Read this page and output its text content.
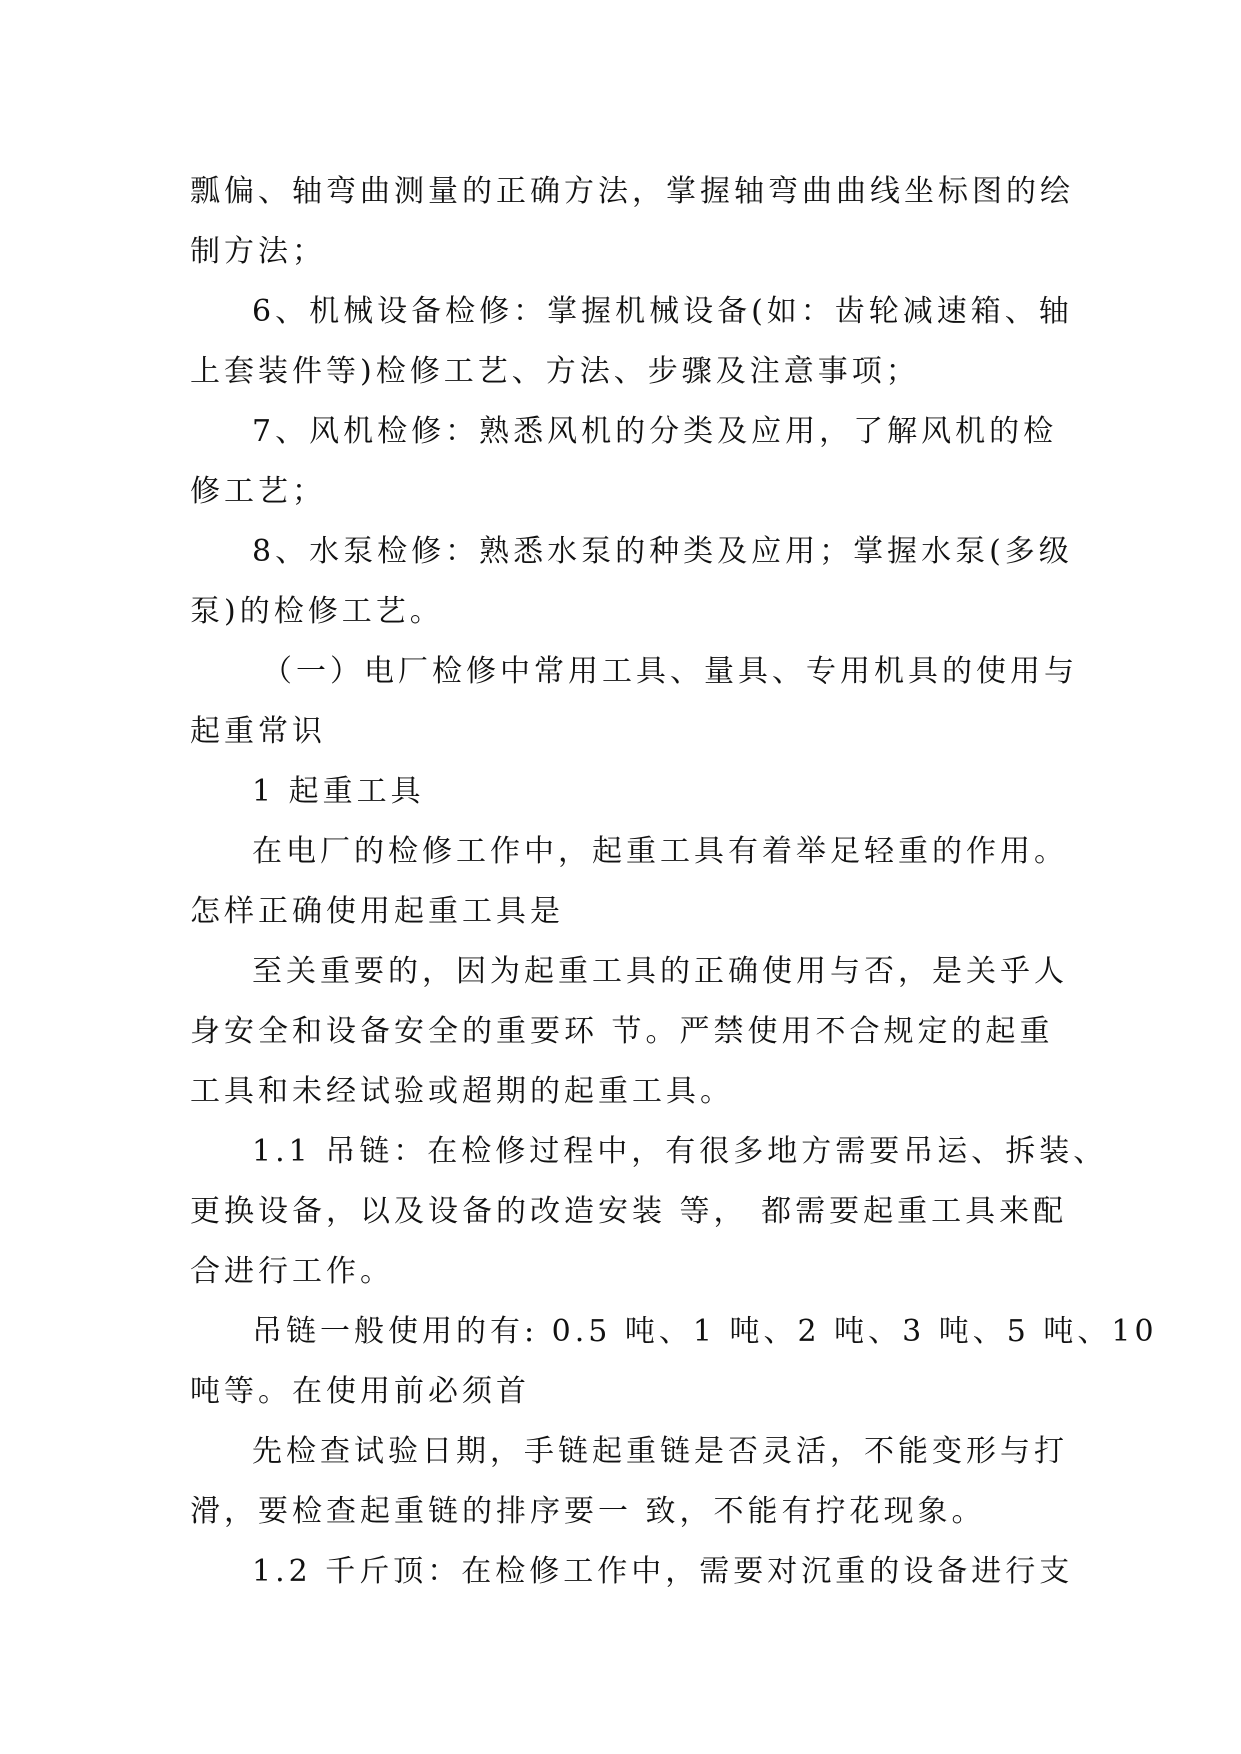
瓢偏、轴弯曲测量的正确方法，掌握轴弯曲曲线坐标图的绘
制方法；
6、机械设备检修：掌握机械设备(如：齿轮减速箱、轴
上套装件等)检修工艺、方法、步骤及注意事项；
7、风机检修：熟悉风机的分类及应用，了解风机的检
修工艺；
8、水泵检修：熟悉水泵的种类及应用；掌握水泵(多级
泵)的检修工艺。
（一）电厂检修中常用工具、量具、专用机具的使用与
起重常识
1 起重工具
在电厂的检修工作中，起重工具有着举足轻重的作用。
怎样正确使用起重工具是
至关重要的，因为起重工具的正确使用与否，是关乎人
身安全和设备安全的重要环 节。严禁使用不合规定的起重
工具和未经试验或超期的起重工具。
1.1 吊链：在检修过程中，有很多地方需要吊运、拆装、
更换设备，以及设备的改造安装 等， 都需要起重工具来配
合进行工作。
吊链一般使用的有: 0.5 吨、1 吨、2 吨、3 吨、5 吨、10
吨等。在使用前必须首
先检查试验日期，手链起重链是否灵活，不能变形与打
滑，要检查起重链的排序要一 致，不能有拧花现象。
1.2 千斤顶：在检修工作中，需要对沉重的设备进行支
